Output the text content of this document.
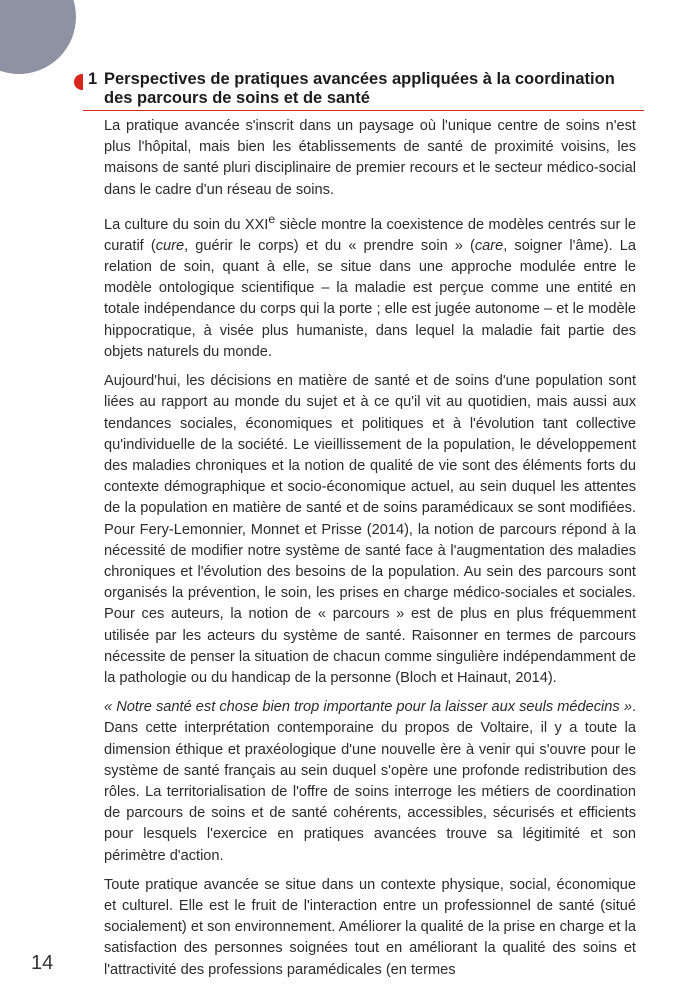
1 Perspectives de pratiques avancées appliquées à la coordination des parcours de soins et de santé

La pratique avancée s'inscrit dans un paysage où l'unique centre de soins n'est plus l'hôpital, mais bien les établissements de santé de proximité voisins, les maisons de santé pluri disciplinaire de premier recours et le secteur médico-social dans le cadre d'un réseau de soins.

La culture du soin du XXIe siècle montre la coexistence de modèles centrés sur le curatif (cure, guérir le corps) et du « prendre soin » (care, soigner l'âme). La relation de soin, quant à elle, se situe dans une approche modulée entre le modèle ontologique scientifique – la maladie est perçue comme une entité en totale indépendance du corps qui la porte ; elle est jugée autonome – et le modèle hippocratique, à visée plus humaniste, dans lequel la maladie fait partie des objets naturels du monde.

Aujourd'hui, les décisions en matière de santé et de soins d'une population sont liées au rapport au monde du sujet et à ce qu'il vit au quotidien, mais aussi aux tendances sociales, économiques et politiques et à l'évolution tant collective qu'individuelle de la société. Le vieillissement de la population, le développement des maladies chroniques et la notion de qualité de vie sont des éléments forts du contexte démographique et socio-économique actuel, au sein duquel les attentes de la population en matière de santé et de soins paramédicaux se sont modifiées. Pour Fery-Lemonnier, Monnet et Prisse (2014), la notion de parcours répond à la nécessité de modifier notre système de santé face à l'augmentation des maladies chroniques et l'évolution des besoins de la population. Au sein des parcours sont organisés la prévention, le soin, les prises en charge médico-sociales et sociales. Pour ces auteurs, la notion de « parcours » est de plus en plus fréquemment utilisée par les acteurs du système de santé. Raisonner en termes de parcours nécessite de penser la situation de chacun comme singulière indépendamment de la pathologie ou du handicap de la personne (Bloch et Hainaut, 2014).

« Notre santé est chose bien trop importante pour la laisser aux seuls médecins ». Dans cette interprétation contemporaine du propos de Voltaire, il y a toute la dimension éthique et praxéologique d'une nouvelle ère à venir qui s'ouvre pour le système de santé français au sein duquel s'opère une profonde redistribution des rôles. La territorialisation de l'offre de soins interroge les métiers de coordination de parcours de soins et de santé cohérents, accessibles, sécurisés et efficients pour lesquels l'exercice en pratiques avancées trouve sa légitimité et son périmètre d'action.

Toute pratique avancée se situe dans un contexte physique, social, économique et culturel. Elle est le fruit de l'interaction entre un professionnel de santé (situé socialement) et son environnement. Améliorer la qualité de la prise en charge et la satisfaction des personnes soignées tout en améliorant la qualité des soins et l'attractivité des professions paramédicales (en termes

14
